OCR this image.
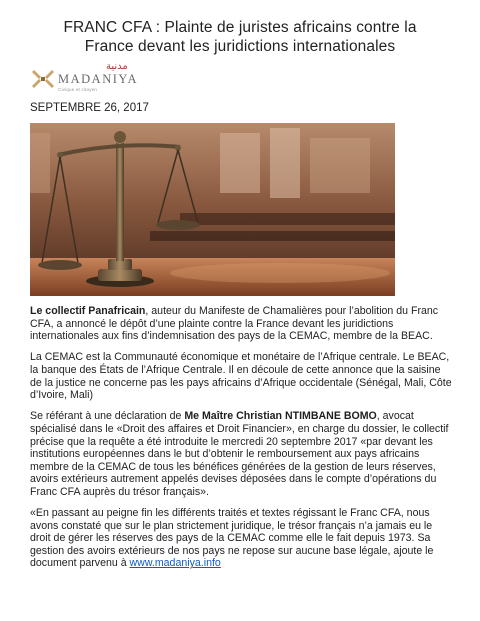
FRANC CFA : Plainte de juristes africains contre la
France devant les juridictions internationales
مدنية
MADANIYA
Civique et citoyen
SEPTEMBRE 26, 2017

Le collectif Panafricain, auteur du Manifeste de Chamalières pour l’abolition du Franc CFA, a annoncé le dépôt d’une plainte contre la France devant les juridictions internationales aux fins d’indemnisation des pays de la CEMAC, membre de la BEAC.

La CEMAC est la Communauté économique et monétaire de l’Afrique centrale. Le BEAC, la banque des États de l’Afrique Centrale. Il en découle de cette annonce que la saisine de la justice ne concerne pas les pays africains d’Afrique occidentale (Sénégal, Mali, Côte d’Ivoire, Mali)

Se référant à une déclaration de Me Maître Christian NTIMBANE BOMO, avocat spécialisé dans le «Droit des affaires et Droit Financier», en charge du dossier, le collectif précise que la requête a été introduite le mercredi 20 septembre 2017 «par devant les institutions européennes dans le but d’obtenir le remboursement aux pays africains membre de la CEMAC de tous les bénéfices générées de la gestion de leurs réserves, avoirs extérieurs autrement appelés devises déposées dans le compte d’opérations du Franc CFA auprès du trésor français».

«En passant au peigne fin les différents traités et textes régissant le Franc CFA, nous avons constaté que sur le plan strictement juridique, le trésor français n’a jamais eu le droit de gérer les réserves des pays de la CEMAC comme elle le fait depuis 1973. Sa gestion des avoirs extérieurs de nos pays ne repose sur aucune base légale, ajoute le document parvenu à www.madaniya.info
